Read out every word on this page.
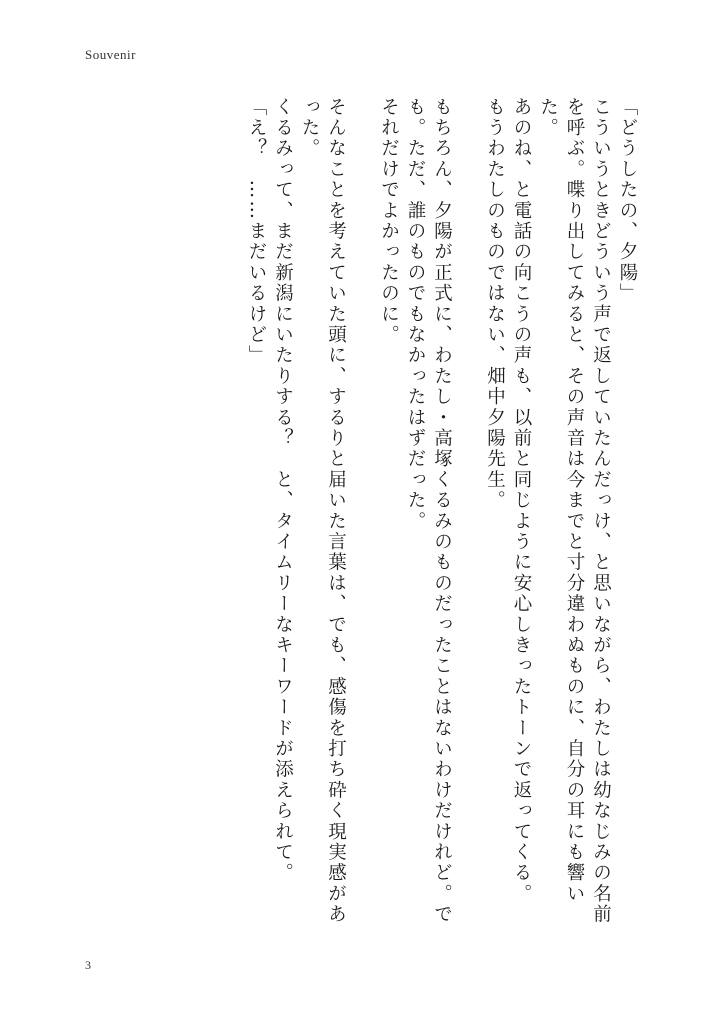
Souvenir

「どうしたの、夕陽」

こういうときどういう声で返していたんだっけ、と思いながら、わたしは幼なじみの名前を呼ぶ。喋り出してみると、その声音は今までと寸分違わぬものに、自分の耳にも響いた。

あのね、と電話の向こうの声も、以前と同じように安心しきったトーンで返ってくる。

もうわたしのものではない、畑中夕陽先生。

もちろん、夕陽が正式に、わたし・高塚くるみのものだったことはないわけだけれど。でも。ただ、誰のものでもなかったはずだった。

それだけでよかったのに。

そんなことを考えていた頭に、するりと届いた言葉は、でも、感傷を打ち砕く現実感があった。

くるみって、まだ新潟にいたりする？　と、タイムリーなキーワードが添えられて。

「え？　……まだいるけど」

3
